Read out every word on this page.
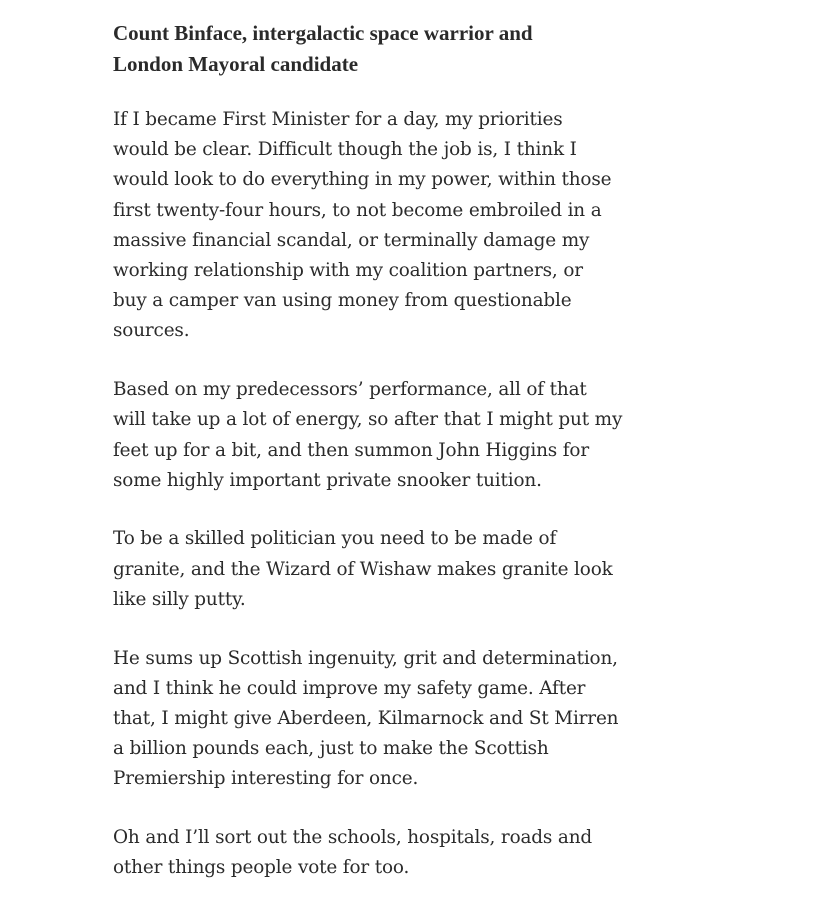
Count Binface, intergalactic space warrior and
London Mayoral candidate

If I became First Minister for a day, my priorities
would be clear. Difficult though the job is, I think I
would look to do everything in my power, within those
first twenty-four hours, to not become embroiled in a
massive financial scandal, or terminally damage my
working relationship with my coalition partners, or
buy a camper van using money from questionable
sources.

Based on my predecessors’ performance, all of that
will take up a lot of energy, so after that I might put my
feet up for a bit, and then summon John Higgins for
some highly important private snooker tuition.

To be a skilled politician you need to be made of
granite, and the Wizard of Wishaw makes granite look
like silly putty.

He sums up Scottish ingenuity, grit and determination,
and I think he could improve my safety game. After
that, I might give Aberdeen, Kilmarnock and St Mirren
a billion pounds each, just to make the Scottish
Premiership interesting for once.

Oh and I’ll sort out the schools, hospitals, roads and
other things people vote for too.
